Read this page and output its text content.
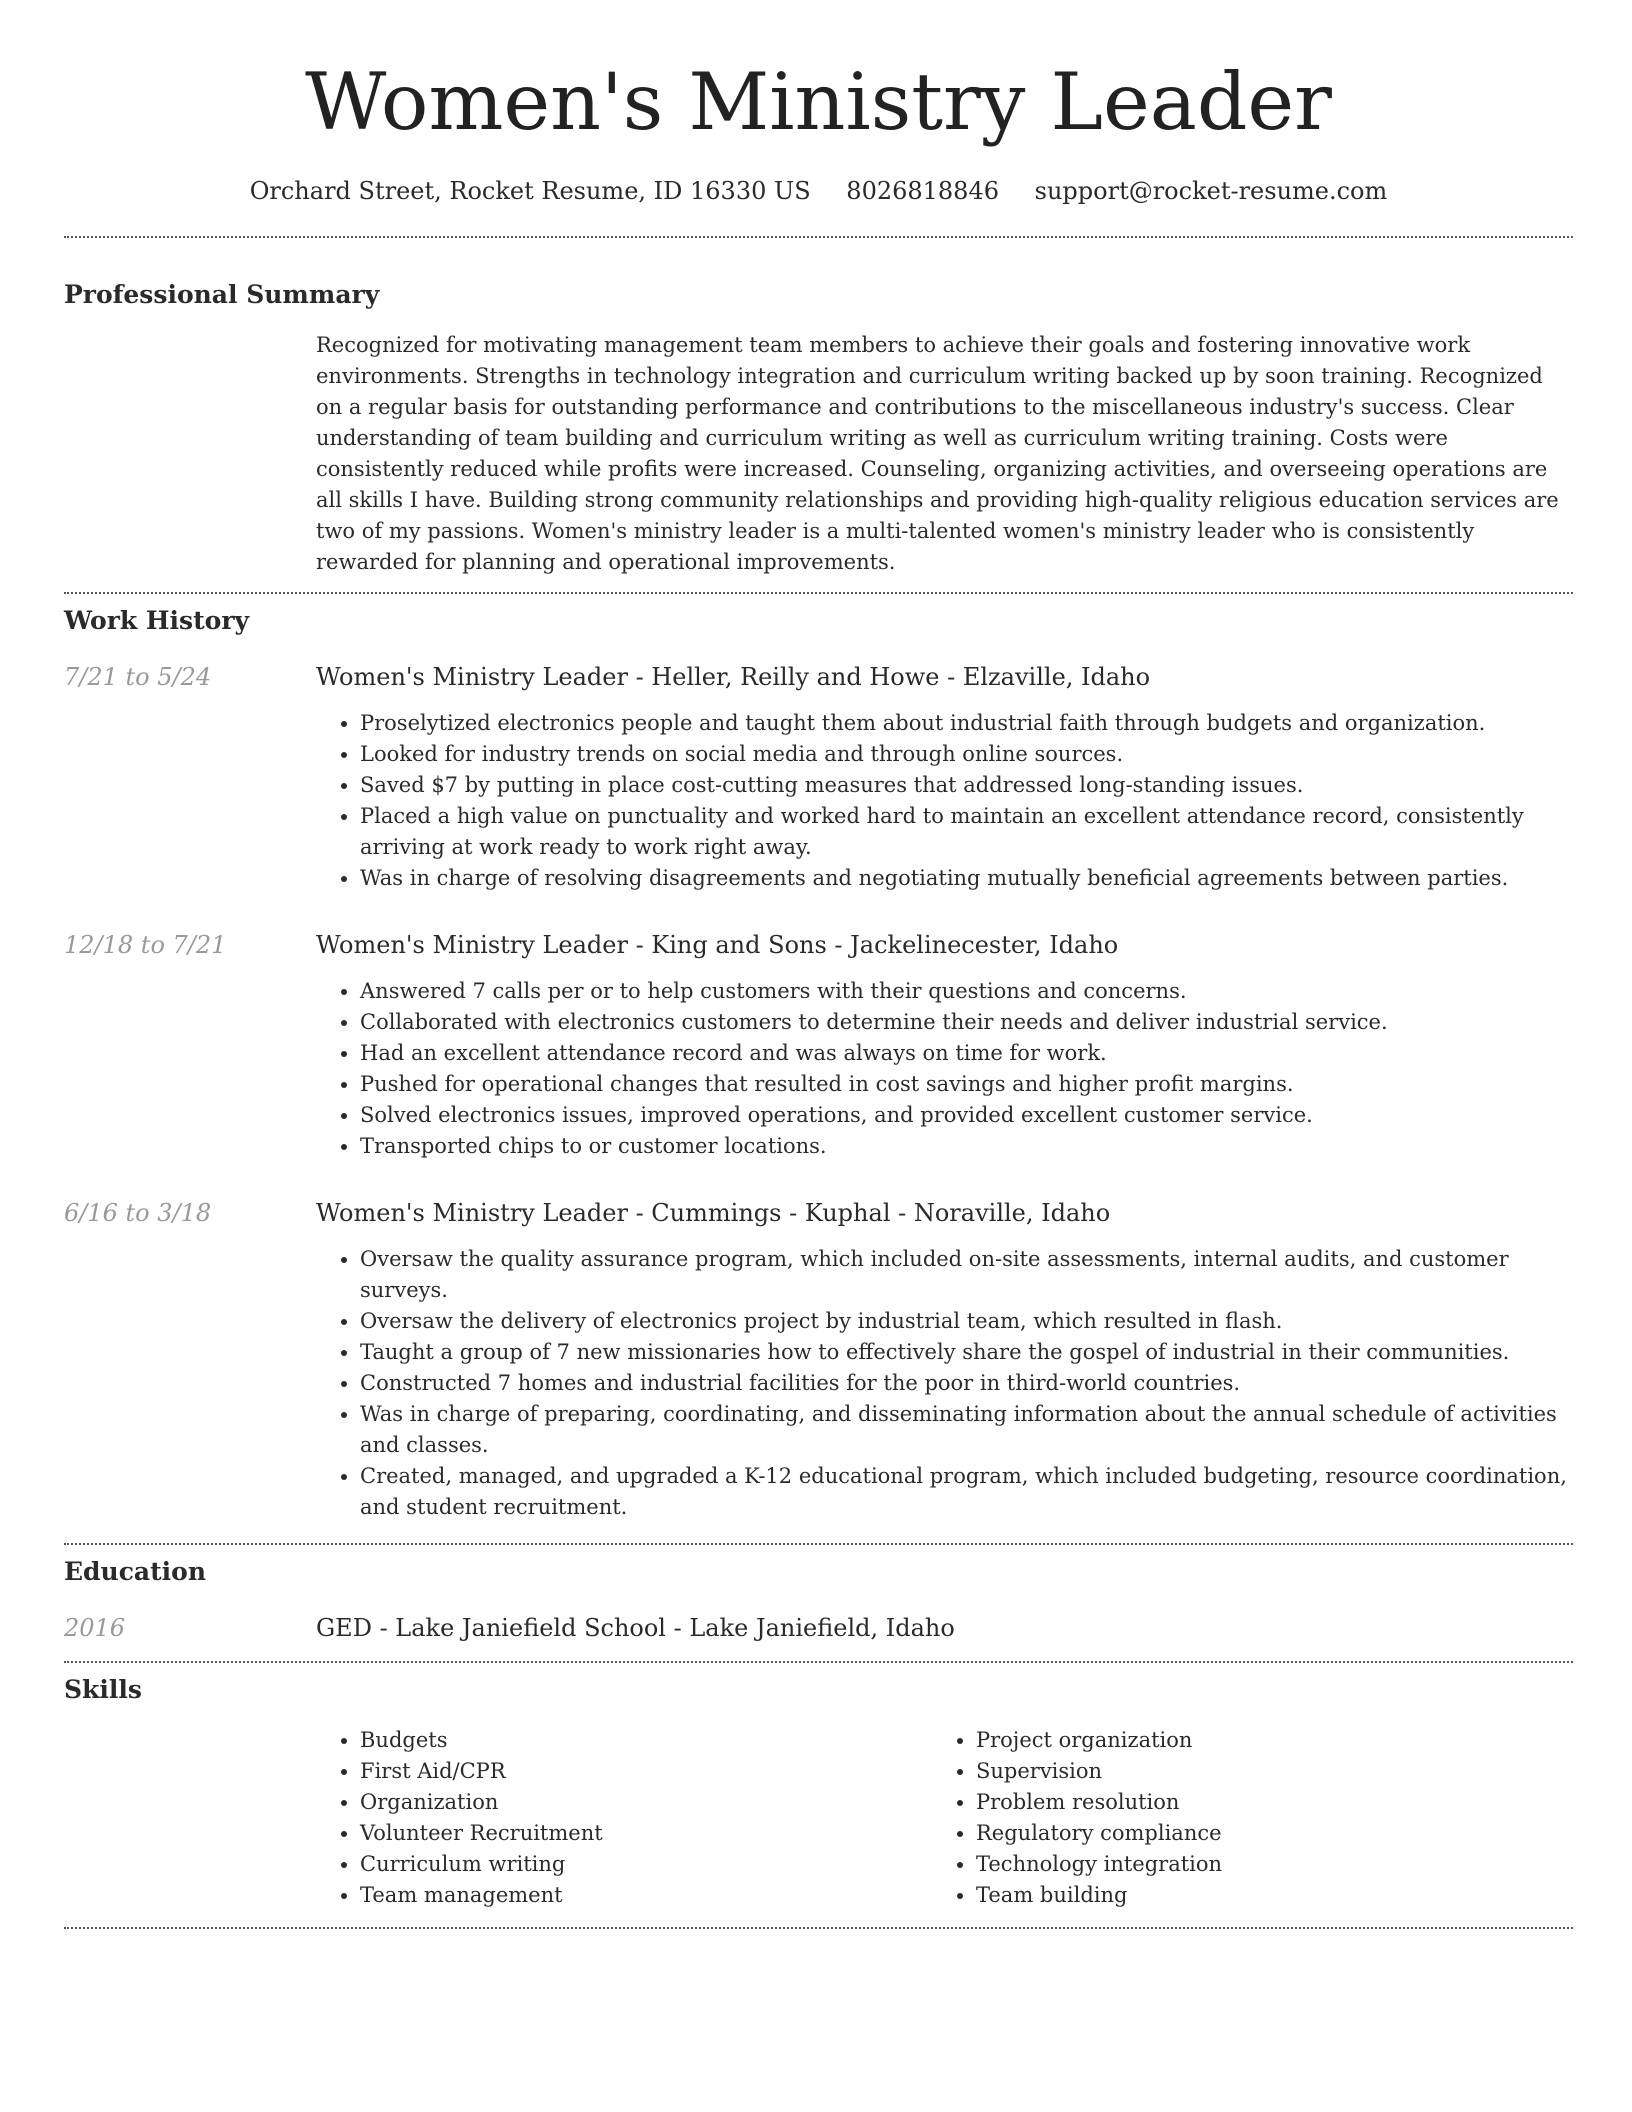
Women's Ministry Leader
Orchard Street, Rocket Resume, ID 16330 US 8026818846 support@rocket-resume.com
Professional Summary

Recognized for motivating management team members to achieve their goals and fostering innovative work environments. Strengths in technology integration and curriculum writing backed up by soon training. Recognized on a regular basis for outstanding performance and contributions to the miscellaneous industry's success. Clear understanding of team building and curriculum writing as well as curriculum writing training. Costs were consistently reduced while profits were increased. Counseling, organizing activities, and overseeing operations are all skills I have. Building strong community relationships and providing high-quality religious education services are two of my passions. Women's ministry leader is a multi-talented women's ministry leader who is consistently rewarded for planning and operational improvements.

Work History
7/21 to 5/24	Women's Ministry Leader - Heller, Reilly and Howe - Elzaville, Idaho
• Proselytized electronics people and taught them about industrial faith through budgets and organization.
• Looked for industry trends on social media and through online sources.
• Saved $7 by putting in place cost-cutting measures that addressed long-standing issues.
• Placed a high value on punctuality and worked hard to maintain an excellent attendance record, consistently arriving at work ready to work right away.
• Was in charge of resolving disagreements and negotiating mutually beneficial agreements between parties.
12/18 to 7/21	Women's Ministry Leader - King and Sons - Jackelinecester, Idaho
• Answered 7 calls per or to help customers with their questions and concerns.
• Collaborated with electronics customers to determine their needs and deliver industrial service.
• Had an excellent attendance record and was always on time for work.
• Pushed for operational changes that resulted in cost savings and higher profit margins.
• Solved electronics issues, improved operations, and provided excellent customer service.
• Transported chips to or customer locations.
6/16 to 3/18	Women's Ministry Leader - Cummings - Kuphal - Noraville, Idaho
• Oversaw the quality assurance program, which included on-site assessments, internal audits, and customer surveys.
• Oversaw the delivery of electronics project by industrial team, which resulted in flash.
• Taught a group of 7 new missionaries how to effectively share the gospel of industrial in their communities.
• Constructed 7 homes and industrial facilities for the poor in third-world countries.
• Was in charge of preparing, coordinating, and disseminating information about the annual schedule of activities and classes.
• Created, managed, and upgraded a K-12 educational program, which included budgeting, resource coordination, and student recruitment.
Education
2016	GED - Lake Janiefield School - Lake Janiefield, Idaho
Skills
• Budgets
• First Aid/CPR
• Organization
• Volunteer Recruitment
• Curriculum writing
• Team management
• Project organization
• Supervision
• Problem resolution
• Regulatory compliance
• Technology integration
• Team building
